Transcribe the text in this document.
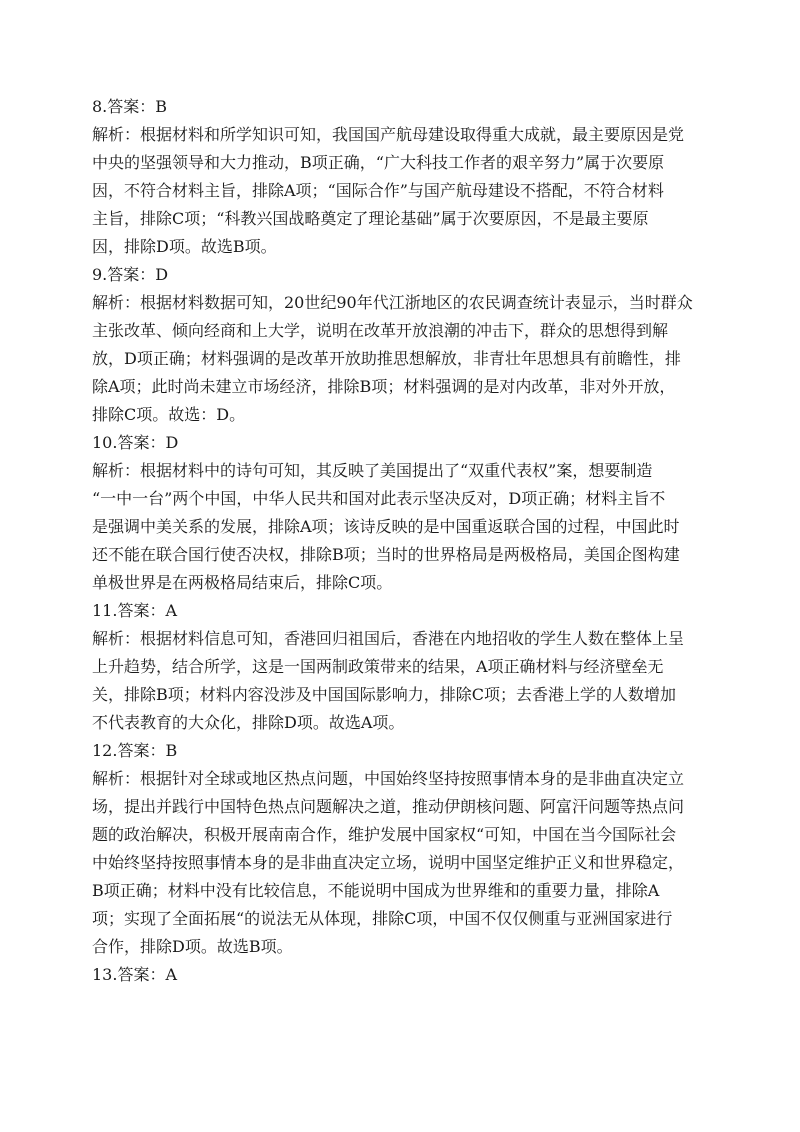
8.答案：B
解析：根据材料和所学知识可知，我国国产航母建设取得重大成就，最主要原因是党
中央的坚强领导和大力推动，B项正确，“广大科技工作者的艰辛努力”属于次要原
因，不符合材料主旨，排除A项；“国际合作”与国产航母建设不搭配，不符合材料
主旨，排除C项；“科教兴国战略奠定了理论基础”属于次要原因，不是最主要原
因，排除D项。故选B项。
9.答案：D
解析：根据材料数据可知，20世纪90年代江浙地区的农民调查统计表显示，当时群众
主张改革、倾向经商和上大学，说明在改革开放浪潮的冲击下，群众的思想得到解
放，D项正确；材料强调的是改革开放助推思想解放，非青壮年思想具有前瞻性，排
除A项；此时尚未建立市场经济，排除B项；材料强调的是对内改革，非对外开放，
排除C项。故选：D。
10.答案：D
解析：根据材料中的诗句可知，其反映了美国提出了“双重代表权”案，想要制造
“一中一台”两个中国，中华人民共和国对此表示坚决反对，D项正确；材料主旨不
是强调中美关系的发展，排除A项；该诗反映的是中国重返联合国的过程，中国此时
还不能在联合国行使否决权，排除B项；当时的世界格局是两极格局，美国企图构建
单极世界是在两极格局结束后，排除C项。
11.答案：A
解析：根据材料信息可知，香港回归祖国后，香港在内地招收的学生人数在整体上呈
上升趋势，结合所学，这是一国两制政策带来的结果，A项正确材料与经济壁垒无
关，排除B项；材料内容没涉及中国国际影响力，排除C项；去香港上学的人数增加
不代表教育的大众化，排除D项。故选A项。
12.答案：B
解析：根据针对全球或地区热点问题，中国始终坚持按照事情本身的是非曲直决定立
场，提出并践行中国特色热点问题解决之道，推动伊朗核问题、阿富汗问题等热点问
题的政治解决，积极开展南南合作，维护发展中国家权“可知，中国在当今国际社会
中始终坚持按照事情本身的是非曲直决定立场，说明中国坚定维护正义和世界稳定，
B项正确；材料中没有比较信息，不能说明中国成为世界维和的重要力量，排除A
项；实现了全面拓展“的说法无从体现，排除C项，中国不仅仅侧重与亚洲国家进行
合作，排除D项。故选B项。
13.答案：A
